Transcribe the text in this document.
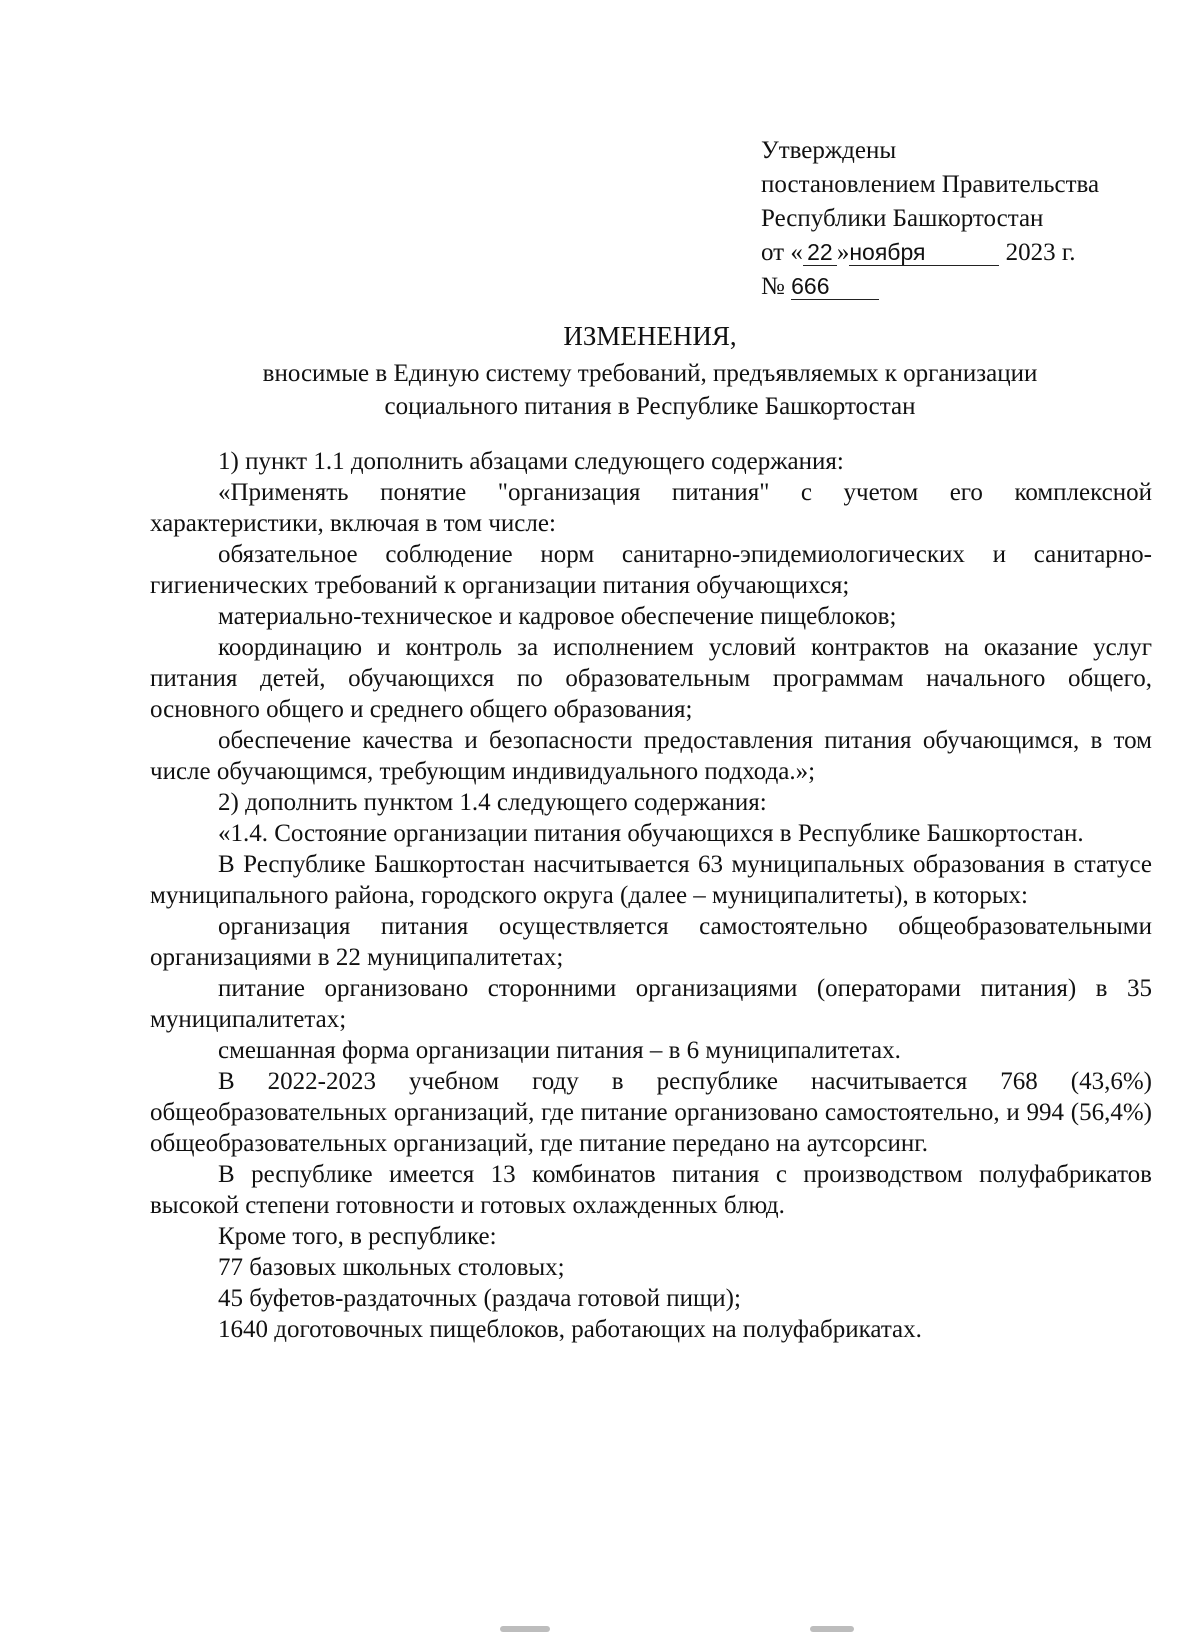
Утверждены
постановлением Правительства
Республики Башкортостан
от « 22 »ноября	2023 г.
№ 666
ИЗМЕНЕНИЯ,
вносимые в Единую систему требований, предъявляемых к организации
социального питания в Республике Башкортостан

1) пункт 1.1 дополнить абзацами следующего содержания:

«Применять понятие "организация питания" с учетом его комплексной характеристики, включая в том числе:

обязательное соблюдение норм санитарно-эпидемиологических и санитарно-гигиенических требований к организации питания обучающихся;

материально-техническое и кадровое обеспечение пищеблоков;

координацию и контроль за исполнением условий контрактов на оказание услуг питания детей, обучающихся по образовательным программам начального общего, основного общего и среднего общего образования;

обеспечение качества и безопасности предоставления питания обучающимся, в том числе обучающимся, требующим индивидуального подхода.»;

2) дополнить пунктом 1.4 следующего содержания:

«1.4. Состояние организации питания обучающихся в Республике Башкортостан.

В Республике Башкортостан насчитывается 63 муниципальных образования в статусе муниципального района, городского округа (далее – муниципалитеты), в которых:

организация питания осуществляется самостоятельно общеобразовательными организациями в 22 муниципалитетах;

питание организовано сторонними организациями (операторами питания) в 35 муниципалитетах;

смешанная форма организации питания – в 6 муниципалитетах.

В 2022-2023 учебном году в республике насчитывается 768 (43,6%) общеобразовательных организаций, где питание организовано самостоятельно, и 994 (56,4%) общеобразовательных организаций, где питание передано на аутсорсинг.

В республике имеется 13 комбинатов питания с производством полуфабрикатов высокой степени готовности и готовых охлажденных блюд.

Кроме того, в республике:

77 базовых школьных столовых;

45 буфетов-раздаточных (раздача готовой пищи);

1640 доготовочных пищеблоков, работающих на полуфабрикатах.
